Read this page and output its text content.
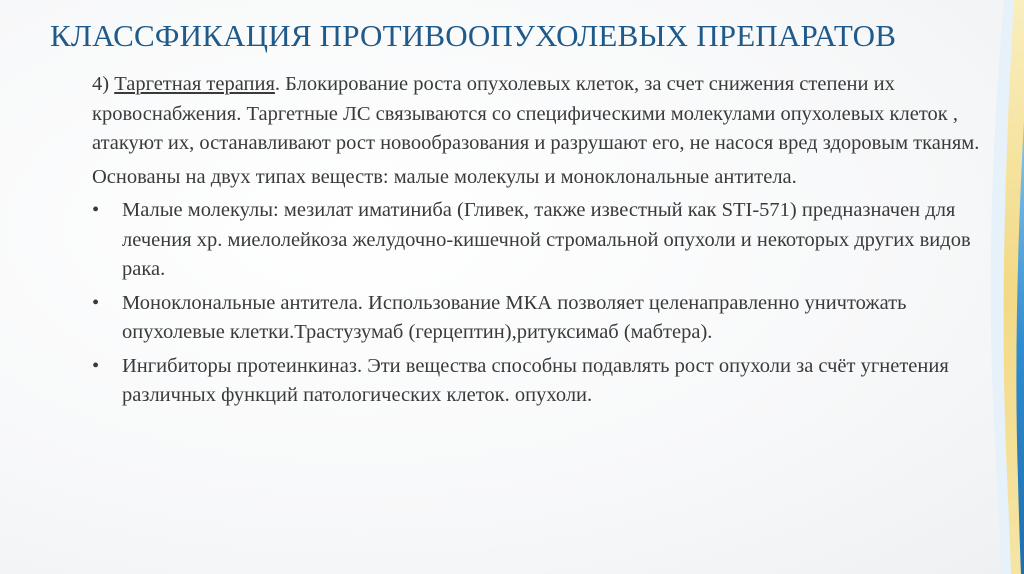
КЛАССФИКАЦИЯ ПРОТИВООПУХОЛЕВЫХ ПРЕПАРАТОВ

4) Таргетная терапия. Блокирование роста опухолевых клеток, за счет снижения степени их кровоснабжения. Таргетные ЛС связываются со специфическими молекулами опухолевых клеток , атакуют их, останавливают рост новообразования и разрушают его, не насося вред здоровым тканям.

Основаны на двух типах веществ: малые молекулы и моноклональные антитела.

• Малые молекулы: мезилат иматиниба (Гливек, также известный как STI-571) предназначен для лечения хр. миелолейкоза желудочно-кишечной стромальной опухоли и некоторых других видов рака.
• Моноклональные антитела. Использование МКА позволяет целенаправленно уничтожать опухолевые клетки.Трастузумаб (герцептин),ритуксимаб (мабтера).
• Ингибиторы протеинкиназ. Эти вещества способны подавлять рост опухоли за счёт угнетения различных функций патологических клеток. опухоли.
